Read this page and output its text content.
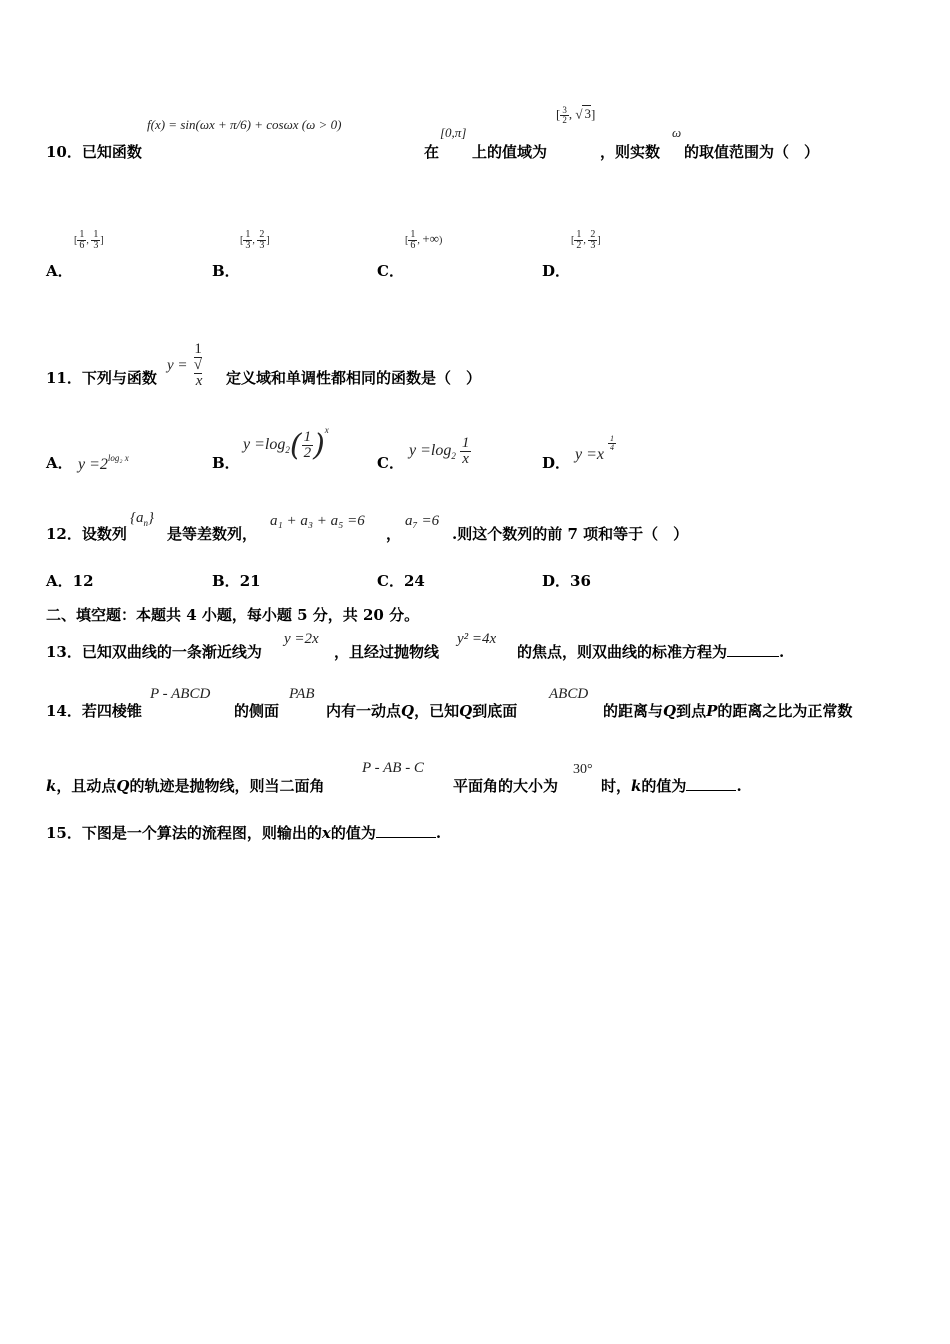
f(x) = sin(ωx + π/6) + cosωx (ω > 0)
10．已知函数	在
[0,π]
上的值域为
[ $\frac{3}{2}$ , √ 3]
，则实数
ω
的取值范围为（　）
A．
[ $\frac{1}{6}$ , $\frac{1}{3}$ ]
B．
[ $\frac{1}{3}$ , $\frac{2}{3}$ ]
C．
[ $\frac{1}{6}$ , +∞)
D．
[ $\frac{1}{2}$ , $\frac{2}{3}$ ]
11．下列与函数
y = 1
√
x 定义域和单调性都相同的函数是（　）
A． $y =2^{log_2 x}$	B．
$y =\log_2( \frac{1}{2} )^x$
C．
$y =\log_2 \frac{1}{x}$	D． y =x
$\frac{1}{4}$
12．设数列
$\{a_n\}$
是等差数列，
a₁ + a₃ + a₅ =6
，
a₇ =6
.则这个数列的前 7 项和等于（　）
A．12	B．21	C．24	D．36
二、填空题：本题共 4 小题，每小题 5 分，共 20 分。
13．已知双曲线的一条渐近线为
y =2x
，且经过抛物线
y² =4x
的焦点，则双曲线的标准方程为	.
14．若四棱锥
P - ABCD
的侧面
PAB
内有一动点Q，已知Q到底面
ABCD
的距离与Q到点P的距离之比为正常数
k，且动点Q的轨迹是抛物线，则当二面角
P - AB - C
平面角的大小为
30°
时，k的值为	.
15．下图是一个算法的流程图，则输出的x的值为	.
